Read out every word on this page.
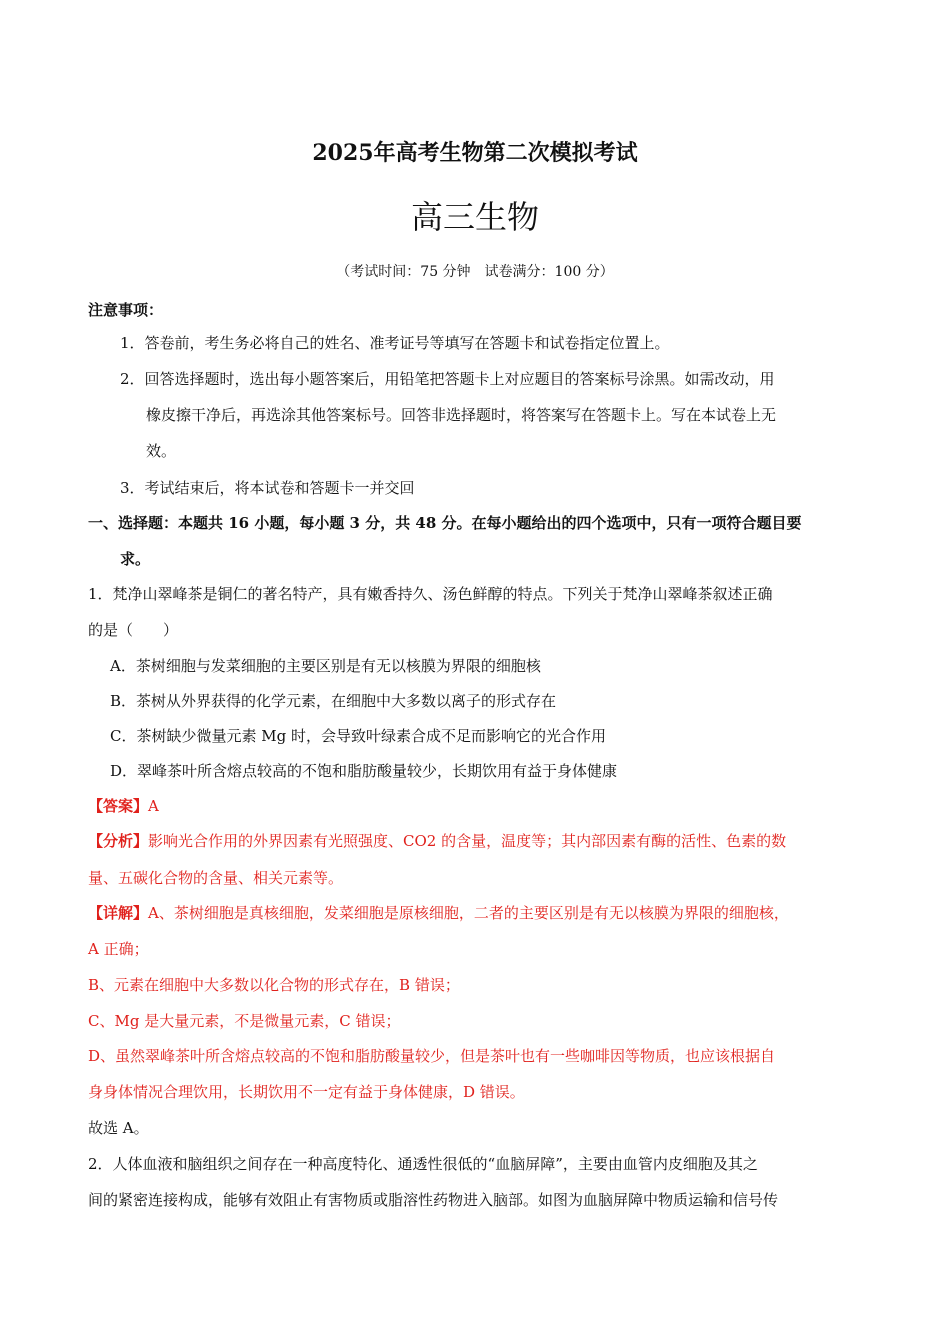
2025年高考生物第二次模拟考试
高三生物
（考试时间：75 分钟　试卷满分：100 分）
注意事项：
1．答卷前，考生务必将自己的姓名、准考证号等填写在答题卡和试卷指定位置上。
2．回答选择题时，选出每小题答案后，用铅笔把答题卡上对应题目的答案标号涂黑。如需改动，用
橡皮擦干净后，再选涂其他答案标号。回答非选择题时，将答案写在答题卡上。写在本试卷上无
效。
3．考试结束后，将本试卷和答题卡一并交回
一、选择题：本题共 16 小题，每小题 3 分，共 48 分。在每小题给出的四个选项中，只有一项符合题目要
求。
1．梵净山翠峰茶是铜仁的著名特产，具有嫩香持久、汤色鲜醇的特点。下列关于梵净山翠峰茶叙述正确
的是（　　）
A．茶树细胞与发菜细胞的主要区别是有无以核膜为界限的细胞核
B．茶树从外界获得的化学元素，在细胞中大多数以离子的形式存在
C．茶树缺少微量元素 Mg 时，会导致叶绿素合成不足而影响它的光合作用
D．翠峰茶叶所含熔点较高的不饱和脂肪酸量较少，长期饮用有益于身体健康
【答案】A
【分析】影响光合作用的外界因素有光照强度、CO2 的含量，温度等；其内部因素有酶的活性、色素的数
量、五碳化合物的含量、相关元素等。
【详解】A、茶树细胞是真核细胞，发菜细胞是原核细胞，二者的主要区别是有无以核膜为界限的细胞核，
A 正确；
B、元素在细胞中大多数以化合物的形式存在，B 错误；
C、Mg 是大量元素，不是微量元素，C 错误；
D、虽然翠峰茶叶所含熔点较高的不饱和脂肪酸量较少，但是茶叶也有一些咖啡因等物质，也应该根据自
身身体情况合理饮用，长期饮用不一定有益于身体健康，D 错误。
故选 A。
2．人体血液和脑组织之间存在一种高度特化、通透性很低的“血脑屏障”，主要由血管内皮细胞及其之
间的紧密连接构成，能够有效阻止有害物质或脂溶性药物进入脑部。如图为血脑屏障中物质运输和信号传
